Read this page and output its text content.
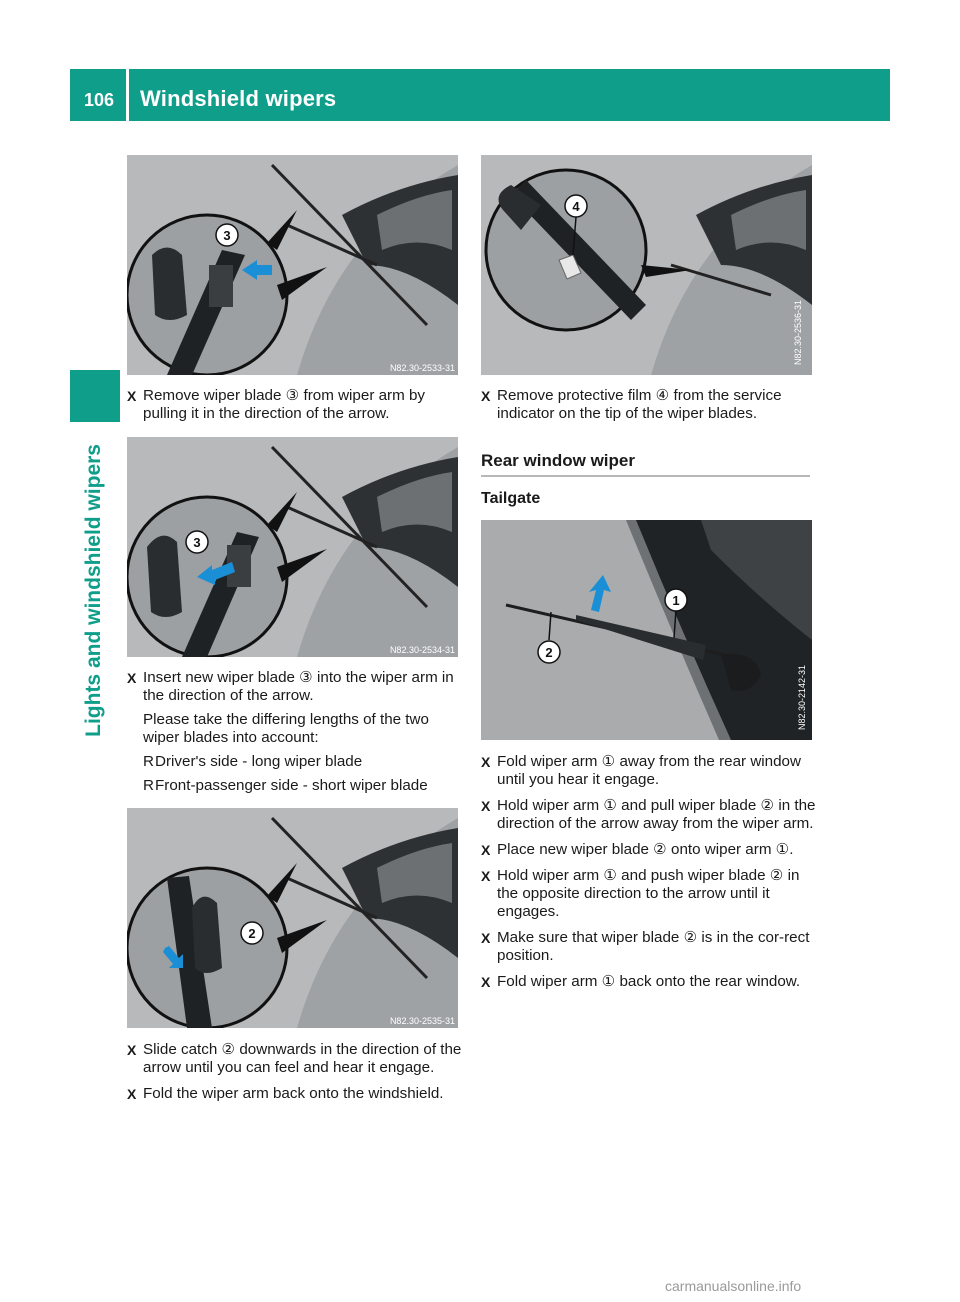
106 Windshield wipers
Lights and windshield wipers
3
N82.30-2533-31
X Remove wiper blade ③ from wiper arm by pulling it in the direction of the arrow.

3
N82.30-2534-31
X Insert new wiper blade ③ into the wiper arm in the direction of the arrow.

Please take the differing lengths of the two wiper blades into account:

R Driver's side - long wiper blade
R Front-passenger side - short wiper blade
2
N82.30-2535-31
X Slide catch ② downwards in the direction of the arrow until you can feel and hear it engage.

X Fold the wiper arm back onto the windshield.

4
N82.30-2536-31
X Remove protective film ④ from the service indicator on the tip of the wiper blades.

Rear window wiper
Tailgate
1
2
N82.30-2142-31
X Fold wiper arm ① away from the rear window until you hear it engage.

X Hold wiper arm ① and pull wiper blade ② in the direction of the arrow away from the wiper arm.

X Place new wiper blade ② onto wiper arm ①.

X Hold wiper arm ① and push wiper blade ② in the opposite direction to the arrow until it engages.

X Make sure that wiper blade ② is in the cor-rect position.

X Fold wiper arm ① back onto the rear window.

carmanualsonline.info
